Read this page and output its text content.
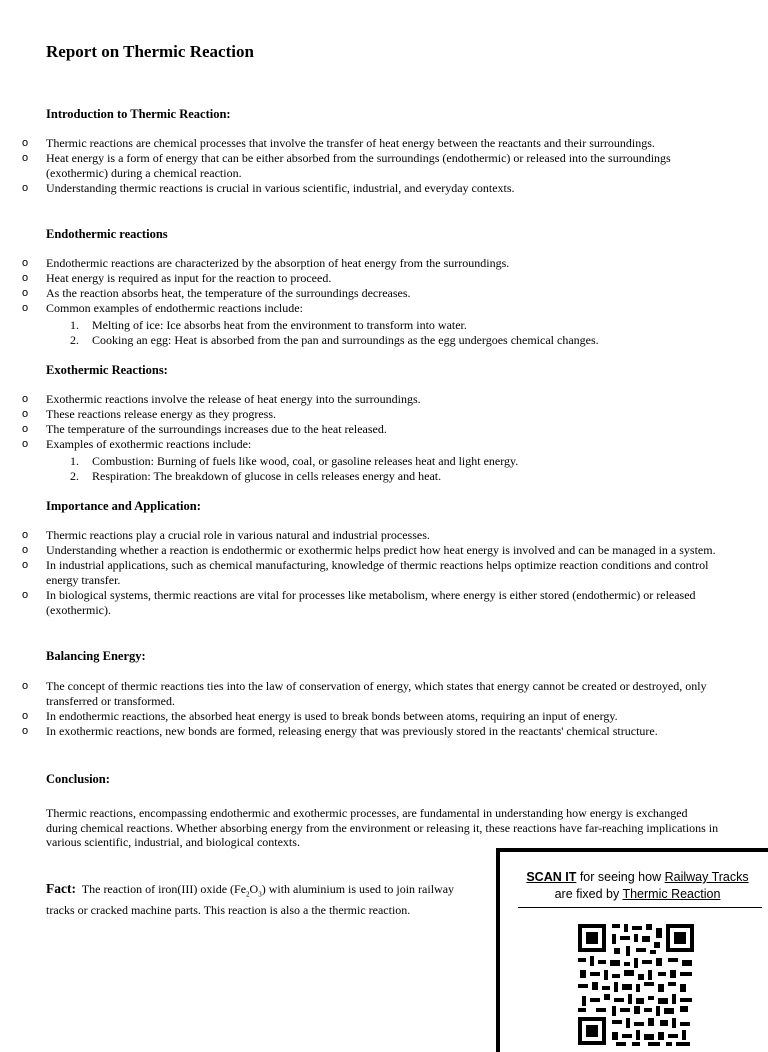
Report on Thermic Reaction
Introduction to Thermic Reaction:
o Thermic reactions are chemical processes that involve the transfer of heat energy between the reactants and their surroundings.
o Heat energy is a form of energy that can be either absorbed from the surroundings (endothermic) or released into the surroundings (exothermic) during a chemical reaction.
o Understanding thermic reactions is crucial in various scientific, industrial, and everyday contexts.
Endothermic reactions
o Endothermic reactions are characterized by the absorption of heat energy from the surroundings.
o Heat energy is required as input for the reaction to proceed.
o As the reaction absorbs heat, the temperature of the surroundings decreases.
o Common examples of endothermic reactions include:
1. Melting of ice: Ice absorbs heat from the environment to transform into water.
2. Cooking an egg: Heat is absorbed from the pan and surroundings as the egg undergoes chemical changes.
Exothermic Reactions:
o Exothermic reactions involve the release of heat energy into the surroundings.
o These reactions release energy as they progress.
o The temperature of the surroundings increases due to the heat released.
o Examples of exothermic reactions include:
1. Combustion: Burning of fuels like wood, coal, or gasoline releases heat and light energy.
2. Respiration: The breakdown of glucose in cells releases energy and heat.
Importance and Application:
o Thermic reactions play a crucial role in various natural and industrial processes.
o Understanding whether a reaction is endothermic or exothermic helps predict how heat energy is involved and can be managed in a system.
o In industrial applications, such as chemical manufacturing, knowledge of thermic reactions helps optimize reaction conditions and control energy transfer.
o In biological systems, thermic reactions are vital for processes like metabolism, where energy is either stored (endothermic) or released (exothermic).
Balancing Energy:
o The concept of thermic reactions ties into the law of conservation of energy, which states that energy cannot be created or destroyed, only transferred or transformed.
o In endothermic reactions, the absorbed heat energy is used to break bonds between atoms, requiring an input of energy.
o In exothermic reactions, new bonds are formed, releasing energy that was previously stored in the reactants' chemical structure.
Conclusion:

Thermic reactions, encompassing endothermic and exothermic processes, are fundamental in understanding how energy is exchanged during chemical reactions. Whether absorbing energy from the environment or releasing it, these reactions have far-reaching implications in various scientific, industrial, and biological contexts.

Fact: The reaction of iron(III) oxide $(Fe_2O_3)$ with aluminium is used to join railway tracks or cracked machine parts. This reaction is also a the thermic reaction.

SCAN IT for seeing how Railway Tracks
are fixed by Thermic Reaction
